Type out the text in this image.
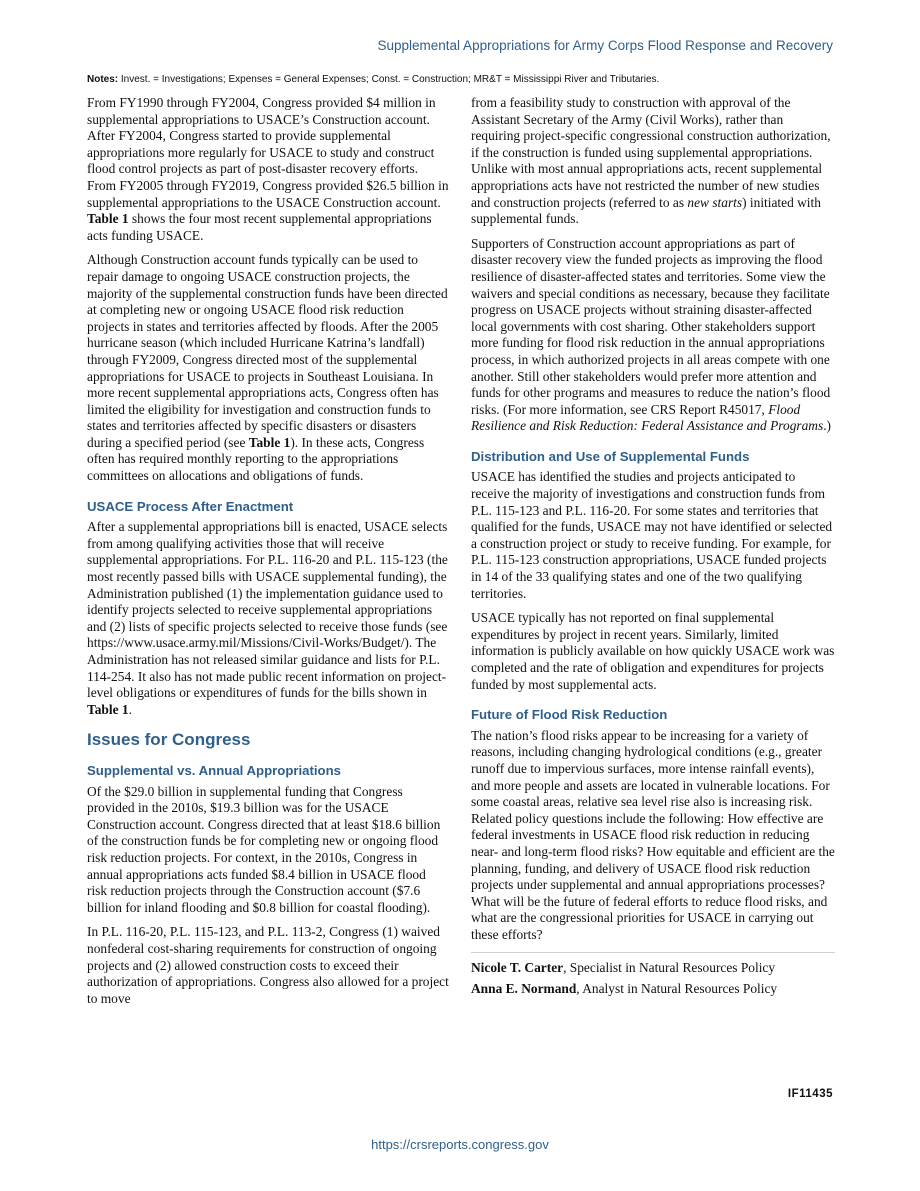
Supplemental Appropriations for Army Corps Flood Response and Recovery
Notes: Invest. = Investigations; Expenses = General Expenses; Const. = Construction; MR&T = Mississippi River and Tributaries.

From FY1990 through FY2004, Congress provided $4 million in supplemental appropriations to USACE’s Construction account. After FY2004, Congress started to provide supplemental appropriations more regularly for USACE to study and construct flood control projects as part of post-disaster recovery efforts. From FY2005 through FY2019, Congress provided $26.5 billion in supplemental appropriations to the USACE Construction account. Table 1 shows the four most recent supplemental appropriations acts funding USACE.

Although Construction account funds typically can be used to repair damage to ongoing USACE construction projects, the majority of the supplemental construction funds have been directed at completing new or ongoing USACE flood risk reduction projects in states and territories affected by floods. After the 2005 hurricane season (which included Hurricane Katrina’s landfall) through FY2009, Congress directed most of the supplemental appropriations for USACE to projects in Southeast Louisiana. In more recent supplemental appropriations acts, Congress often has limited the eligibility for investigation and construction funds to states and territories affected by specific disasters or disasters during a specified period (see Table 1). In these acts, Congress often has required monthly reporting to the appropriations committees on allocations and obligations of funds.

USACE Process After Enactment

After a supplemental appropriations bill is enacted, USACE selects from among qualifying activities those that will receive supplemental appropriations. For P.L. 116-20 and P.L. 115-123 (the most recently passed bills with USACE supplemental funding), the Administration published (1) the implementation guidance used to identify projects selected to receive supplemental appropriations and (2) lists of specific projects selected to receive those funds (see https://www.usace.army.mil/Missions/Civil-Works/Budget/). The Administration has not released similar guidance and lists for P.L. 114-254. It also has not made public recent information on project-level obligations or expenditures of funds for the bills shown in Table 1.

Issues for Congress
Supplemental vs. Annual Appropriations

Of the $29.0 billion in supplemental funding that Congress provided in the 2010s, $19.3 billion was for the USACE Construction account. Congress directed that at least $18.6 billion of the construction funds be for completing new or ongoing flood risk reduction projects. For context, in the 2010s, Congress in annual appropriations acts funded $8.4 billion in USACE flood risk reduction projects through the Construction account ($7.6 billion for inland flooding and $0.8 billion for coastal flooding).

In P.L. 116-20, P.L. 115-123, and P.L. 113-2, Congress (1) waived nonfederal cost-sharing requirements for construction of ongoing projects and (2) allowed construction costs to exceed their authorization of appropriations. Congress also allowed for a project to move

from a feasibility study to construction with approval of the Assistant Secretary of the Army (Civil Works), rather than requiring project-specific congressional construction authorization, if the construction is funded using supplemental appropriations. Unlike with most annual appropriations acts, recent supplemental appropriations acts have not restricted the number of new studies and construction projects (referred to as new starts) initiated with supplemental funds.

Supporters of Construction account appropriations as part of disaster recovery view the funded projects as improving the flood resilience of disaster-affected states and territories. Some view the waivers and special conditions as necessary, because they facilitate progress on USACE projects without straining disaster-affected local governments with cost sharing. Other stakeholders support more funding for flood risk reduction in the annual appropriations process, in which authorized projects in all areas compete with one another. Still other stakeholders would prefer more attention and funds for other programs and measures to reduce the nation’s flood risks. (For more information, see CRS Report R45017, Flood Resilience and Risk Reduction: Federal Assistance and Programs.)

Distribution and Use of Supplemental Funds

USACE has identified the studies and projects anticipated to receive the majority of investigations and construction funds from P.L. 115-123 and P.L. 116-20. For some states and territories that qualified for the funds, USACE may not have identified or selected a construction project or study to receive funding. For example, for P.L. 115-123 construction appropriations, USACE funded projects in 14 of the 33 qualifying states and one of the two qualifying territories.

USACE typically has not reported on final supplemental expenditures by project in recent years. Similarly, limited information is publicly available on how quickly USACE work was completed and the rate of obligation and expenditures for projects funded by most supplemental acts.

Future of Flood Risk Reduction

The nation’s flood risks appear to be increasing for a variety of reasons, including changing hydrological conditions (e.g., greater runoff due to impervious surfaces, more intense rainfall events), and more people and assets are located in vulnerable locations. For some coastal areas, relative sea level rise also is increasing risk. Related policy questions include the following: How effective are federal investments in USACE flood risk reduction in reducing near- and long-term flood risks? How equitable and efficient are the planning, funding, and delivery of USACE flood risk reduction projects under supplemental and annual appropriations processes? What will be the future of federal efforts to reduce flood risks, and what are the congressional priorities for USACE in carrying out these efforts?

Nicole T. Carter, Specialist in Natural Resources Policy
Anna E. Normand, Analyst in Natural Resources Policy
IF11435
https://crsreports.congress.gov
